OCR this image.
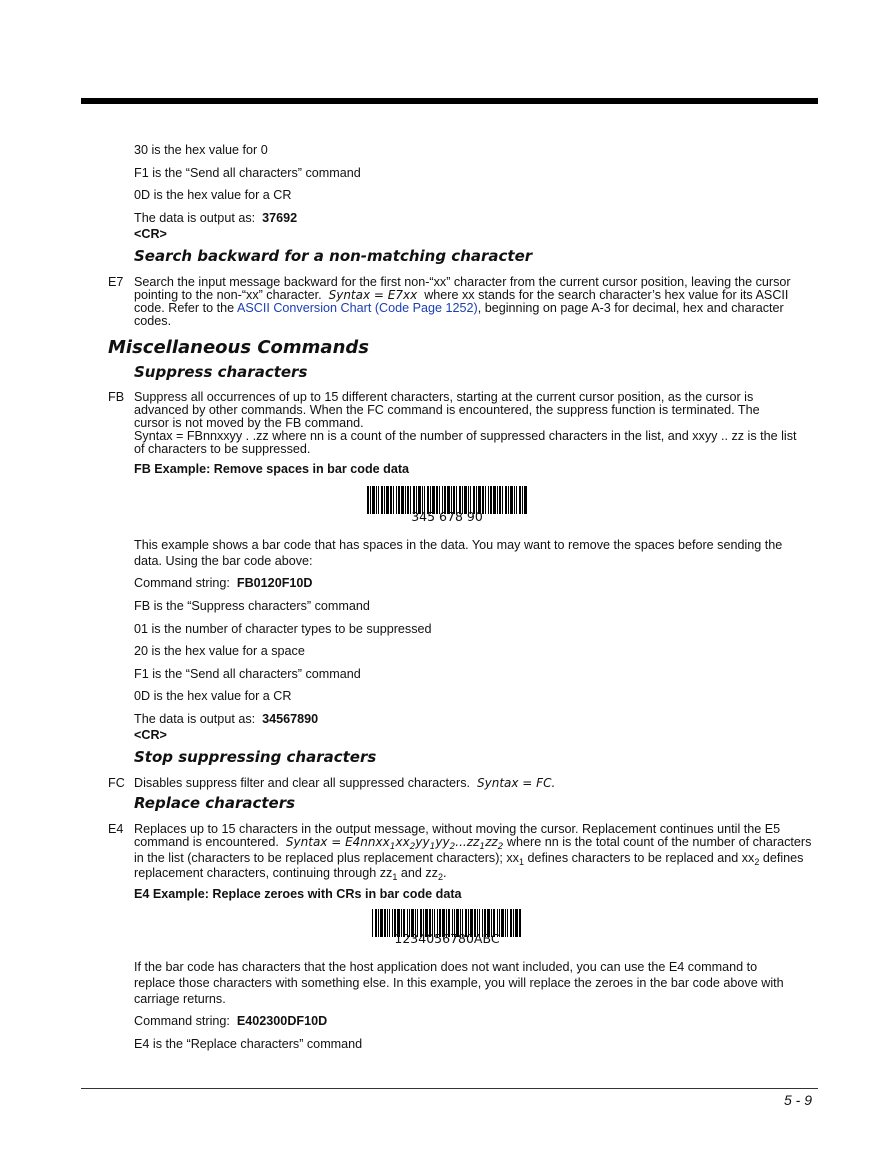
30 is the hex value for 0
F1 is the “Send all characters” command
0D is the hex value for a CR
The data is output as: 37692
<CR>
Search backward for a non-matching character
E7 Search the input message backward for the first non-“xx” character from the current cursor position, leaving the cursor
pointing to the non-“xx” character. Syntax = E7xx where xx stands for the search character’s hex value for its ASCII
code. Refer to the ASCII Conversion Chart (Code Page 1252), beginning on page A-3 for decimal, hex and character
codes.
Miscellaneous Commands
Suppress characters
FB Suppress all occurrences of up to 15 different characters, starting at the current cursor position, as the cursor is
advanced by other commands. When the FC command is encountered, the suppress function is terminated. The
cursor is not moved by the FB command.
Syntax = FBnnxxyy . .zz where nn is a count of the number of suppressed characters in the list, and xxyy .. zz is the list
of characters to be suppressed.
FB Example: Remove spaces in bar code data
345 678 90
This example shows a bar code that has spaces in the data. You may want to remove the spaces before sending the
data. Using the bar code above:
Command string: FB0120F10D
FB is the “Suppress characters” command
01 is the number of character types to be suppressed
20 is the hex value for a space
F1 is the “Send all characters” command
0D is the hex value for a CR
The data is output as: 34567890
<CR>
Stop suppressing characters
FC Disables suppress filter and clear all suppressed characters. Syntax = FC.
Replace characters
E4 Replaces up to 15 characters in the output message, without moving the cursor. Replacement continues until the E5
command is encountered. Syntax = $E4nnxx_1xx_2yy_1yy_2...zz_1zz_2$ where nn is the total count of the number of characters
in the list (characters to be replaced plus replacement characters); $xx_1$ defines characters to be replaced and $xx_2$ defines
replacement characters, continuing through $zz_1$ and $zz_2$.
E4 Example: Replace zeroes with CRs in bar code data
1234056780ABC
If the bar code has characters that the host application does not want included, you can use the E4 command to
replace those characters with something else. In this example, you will replace the zeroes in the bar code above with
carriage returns.
Command string: E402300DF10D
E4 is the “Replace characters” command
5 - 9
